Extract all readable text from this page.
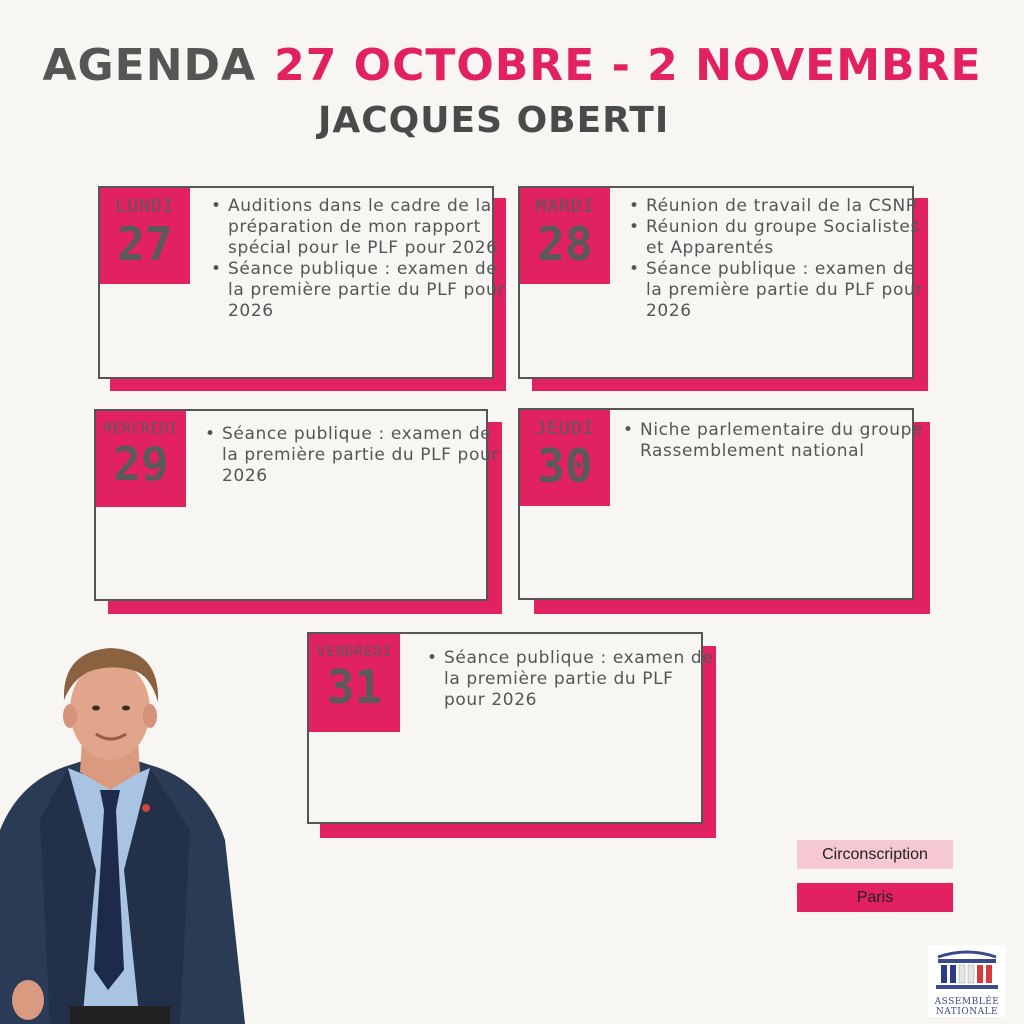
AGENDA 27 OCTOBRE - 2 NOVEMBRE
JACQUES OBERTI
LUNDI
27
• Auditions dans le cadre de la préparation de mon rapport spécial pour le PLF pour 2026
• Séance publique : examen de la première partie du PLF pour 2026
MARDI
28
• Réunion de travail de la CSNP
• Réunion du groupe Socialistes et Apparentés
• Séance publique : examen de la première partie du PLF pour 2026
MERCREDI
29
• Séance publique : examen de la première partie du PLF pour 2026
JEUDI
30
• Niche parlementaire du groupe Rassemblement national
VENDREDI
31
• Séance publique : examen de la première partie du PLF pour 2026
Circonscription
Paris
ASSEMBLÉE
NATIONALE
